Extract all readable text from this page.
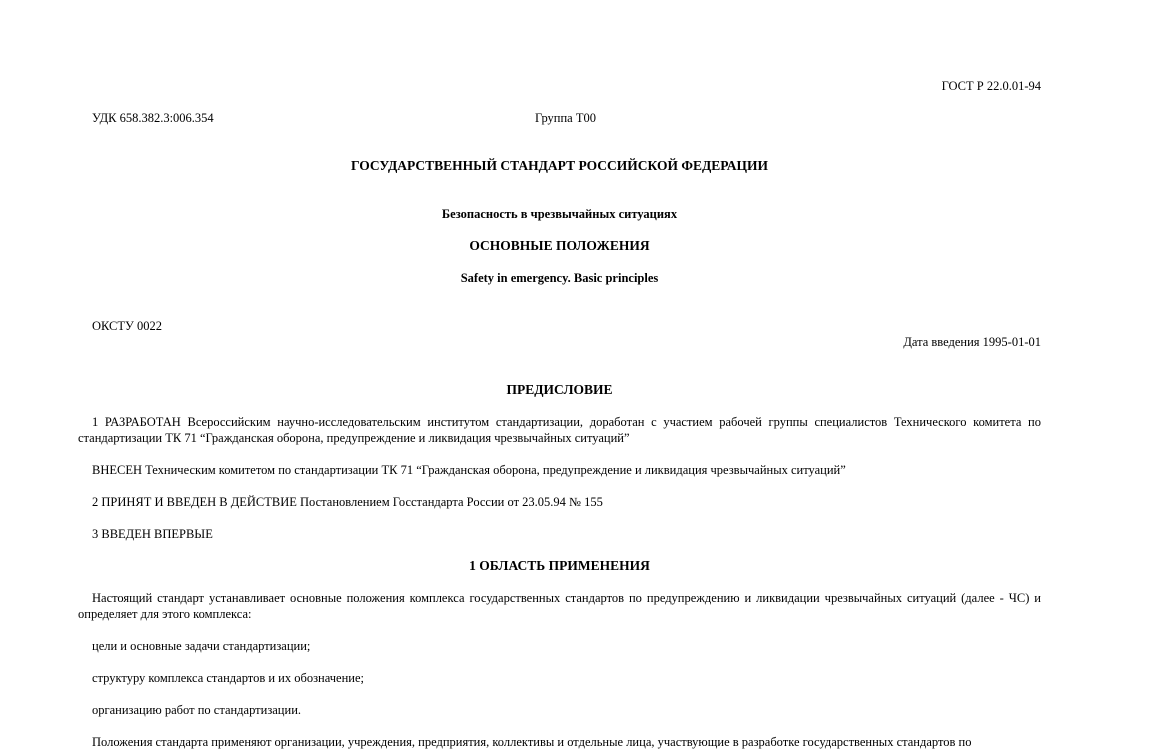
ГОСТ Р 22.0.01-94
УДК 658.382.3:006.354	Группа Т00
ГОСУДАРСТВЕННЫЙ СТАНДАРТ РОССИЙСКОЙ ФЕДЕРАЦИИ
Безопасность в чрезвычайных ситуациях
ОСНОВНЫЕ ПОЛОЖЕНИЯ
Safety in emergency. Basic principles
ОКСТУ 0022
Дата введения 1995-01-01
ПРЕДИСЛОВИЕ
1 РАЗРАБОТАН Всероссийским научно-исследовательским институтом стандартизации, доработан с участием рабочей группы специалистов Технического комитета по стандартизации ТК 71 “Гражданская оборона, предупреждение и ликвидация чрезвычайных ситуаций”
ВНЕСЕН Техническим комитетом по стандартизации ТК 71 “Гражданская оборона, предупреждение и ликвидация чрезвычайных ситуаций”
2 ПРИНЯТ И ВВЕДЕН В ДЕЙСТВИЕ Постановлением Госстандарта России от 23.05.94 № 155
3 ВВЕДЕН ВПЕРВЫЕ
1 ОБЛАСТЬ ПРИМЕНЕНИЯ
Настоящий стандарт устанавливает основные положения комплекса государственных стандартов по предупреждению и ликвидации чрезвычайных ситуаций (далее - ЧС) и определяет для этого комплекса:
цели и основные задачи стандартизации;
структуру комплекса стандартов и их обозначение;
организацию работ по стандартизации.
Положения стандарта применяют организации, учреждения, предприятия, коллективы и отдельные лица, участвующие в разработке государственных стандартов по
